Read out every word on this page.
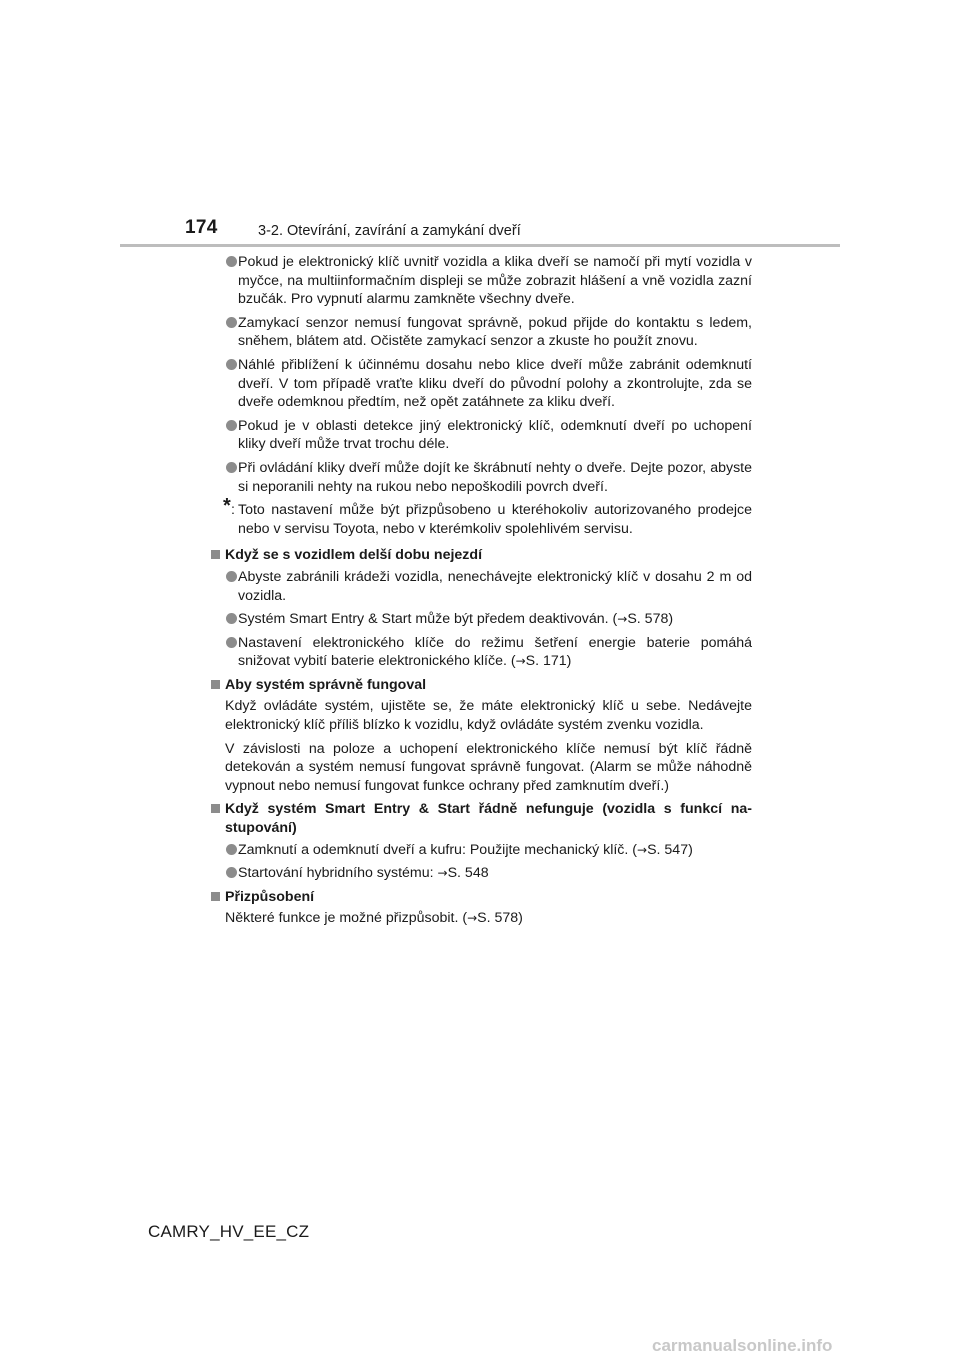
174	3-2. Otevírání, zavírání a zamykání dveří
Pokud je elektronický klíč uvnitř vozidla a klika dveří se namočí při mytí vozidla v myčce, na multiinformačním displeji se může zobrazit hlášení a vně vozidla zazní bzučák. Pro vypnutí alarmu zamkněte všechny dveře.
Zamykací senzor nemusí fungovat správně, pokud přijde do kontaktu s ledem, sněhem, blátem atd. Očistěte zamykací senzor a zkuste ho použít znovu.
Náhlé přiblížení k účinnému dosahu nebo klice dveří může zabránit odemknutí dveří. V tom případě vraťte kliku dveří do původní polohy a zkontrolujte, zda se dveře odemknou předtím, než opět zatáhnete za kliku dveří.
Pokud je v oblasti detekce jiný elektronický klíč, odemknutí dveří po uchopení kliky dveří může trvat trochu déle.
Při ovládání kliky dveří může dojít ke škrábnutí nehty o dveře. Dejte pozor, abyste si neporanili nehty na rukou nebo nepoškodili povrch dveří.
* : Toto nastavení může být přizpůsobeno u kteréhokoliv autorizovaného prodejce nebo v servisu Toyota, nebo v kterémkoliv spolehlivém servisu.
Když se s vozidlem delší dobu nejezdí
Abyste zabránili krádeži vozidla, nenechávejte elektronický klíč v dosahu 2 m od vozidla.
Systém Smart Entry & Start může být předem deaktivován. (→S. 578)
Nastavení elektronického klíče do režimu šetření energie baterie pomáhá snižovat vybití baterie elektronického klíče. (→S. 171)
Aby systém správně fungoval
Když ovládáte systém, ujistěte se, že máte elektronický klíč u sebe. Nedávejte elektronický klíč příliš blízko k vozidlu, když ovládáte systém zvenku vozidla.
V závislosti na poloze a uchopení elektronického klíče nemusí být klíč řádně detekován a systém nemusí fungovat správně fungovat. (Alarm se může náhodně vypnout nebo nemusí fungovat funkce ochrany před zamknutím dveří.)
Když systém Smart Entry & Start řádně nefunguje (vozidla s funkcí nastupování)
Zamknutí a odemknutí dveří a kufru: Použijte mechanický klíč. (→S. 547)
Startování hybridního systému: →S. 548
Přizpůsobení
Některé funkce je možné přizpůsobit. (→S. 578)
CAMRY_HV_EE_CZ
carmanualsonline.info
